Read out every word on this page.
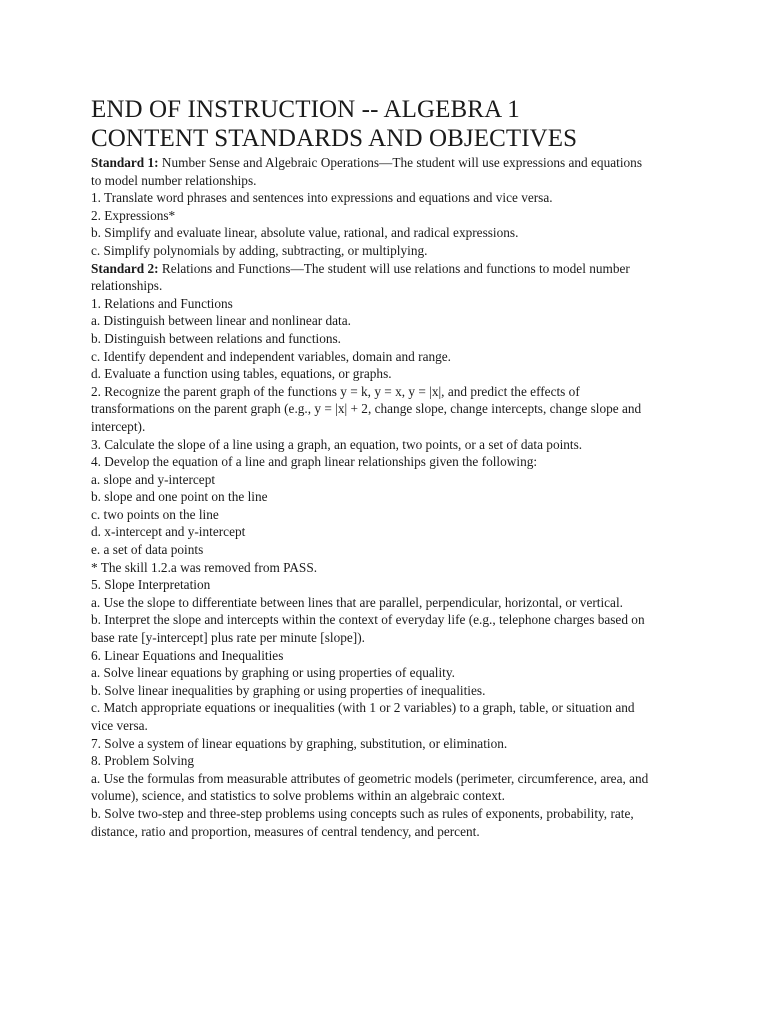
END OF INSTRUCTION -- ALGEBRA 1
CONTENT STANDARDS AND OBJECTIVES

Standard 1: Number Sense and Algebraic Operations—The student will use expressions and equations to model number relationships.

1. Translate word phrases and sentences into expressions and equations and vice versa.

2. Expressions*

b. Simplify and evaluate linear, absolute value, rational, and radical expressions.

c. Simplify polynomials by adding, subtracting, or multiplying.

Standard 2: Relations and Functions—The student will use relations and functions to model number relationships.

1. Relations and Functions

a. Distinguish between linear and nonlinear data.

b. Distinguish between relations and functions.

c. Identify dependent and independent variables, domain and range.

d. Evaluate a function using tables, equations, or graphs.

2. Recognize the parent graph of the functions y = k, y = x, y = |x|, and predict the effects of transformations on the parent graph (e.g., y = |x| + 2, change slope, change intercepts, change slope and intercept).

3. Calculate the slope of a line using a graph, an equation, two points, or a set of data points.

4. Develop the equation of a line and graph linear relationships given the following:

a. slope and y-intercept

b. slope and one point on the line

c. two points on the line

d. x-intercept and y-intercept

e. a set of data points

* The skill 1.2.a was removed from PASS.

5. Slope Interpretation

a. Use the slope to differentiate between lines that are parallel, perpendicular, horizontal, or vertical.

b. Interpret the slope and intercepts within the context of everyday life (e.g., telephone charges based on base rate [y-intercept] plus rate per minute [slope]).

6. Linear Equations and Inequalities

a. Solve linear equations by graphing or using properties of equality.

b. Solve linear inequalities by graphing or using properties of inequalities.

c. Match appropriate equations or inequalities (with 1 or 2 variables) to a graph, table, or situation and vice versa.

7. Solve a system of linear equations by graphing, substitution, or elimination.

8. Problem Solving

a. Use the formulas from measurable attributes of geometric models (perimeter, circumference, area, and volume), science, and statistics to solve problems within an algebraic context.

b. Solve two-step and three-step problems using concepts such as rules of exponents, probability, rate, distance, ratio and proportion, measures of central tendency, and percent.
